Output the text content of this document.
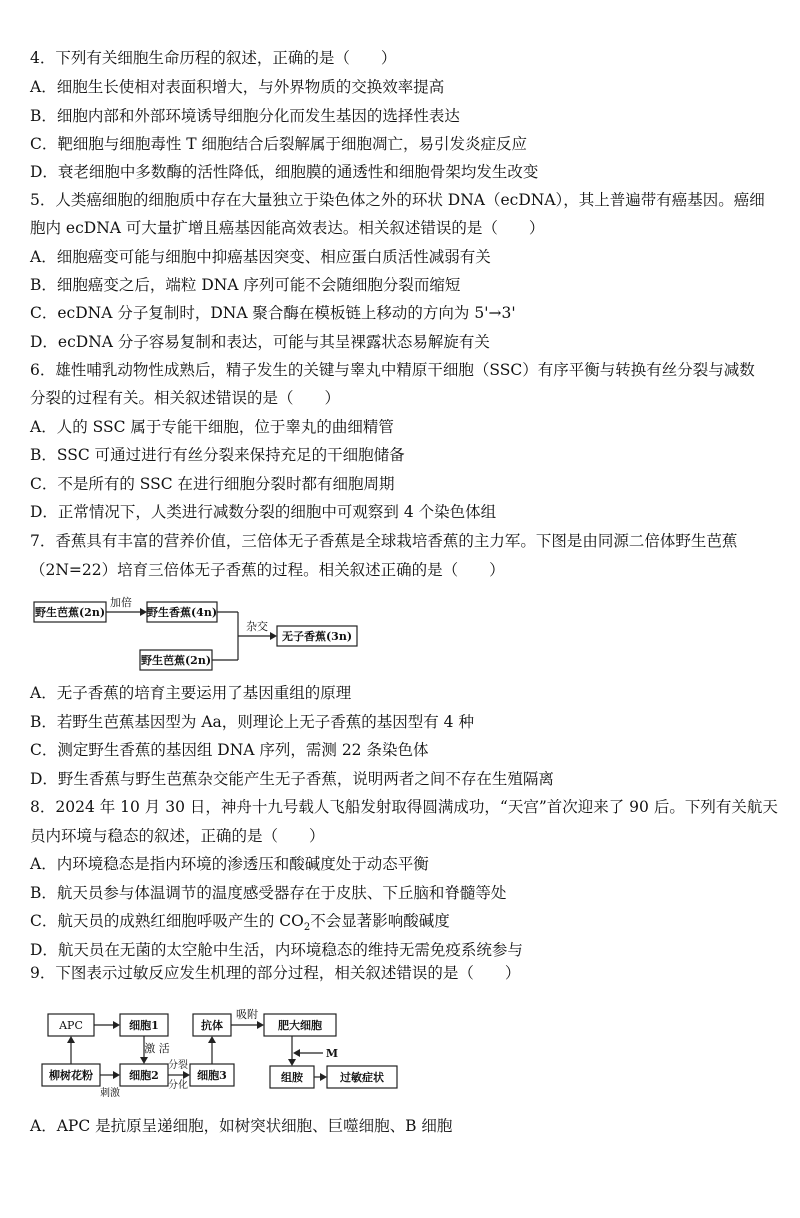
4．下列有关细胞生命历程的叙述，正确的是（　　）
A．细胞生长使相对表面积增大，与外界物质的交换效率提高
B．细胞内部和外部环境诱导细胞分化而发生基因的选择性表达
C．靶细胞与细胞毒性 T 细胞结合后裂解属于细胞凋亡，易引发炎症反应
D．衰老细胞中多数酶的活性降低，细胞膜的通透性和细胞骨架均发生改变
5．人类癌细胞的细胞质中存在大量独立于染色体之外的环状 DNA（ecDNA），其上普遍带有癌基因。癌细
胞内 ecDNA 可大量扩增且癌基因能高效表达。相关叙述错误的是（　　）
A．细胞癌变可能与细胞中抑癌基因突变、相应蛋白质活性减弱有关
B．细胞癌变之后，端粒 DNA 序列可能不会随细胞分裂而缩短
C．ecDNA 分子复制时，DNA 聚合酶在模板链上移动的方向为 5'→3'
D．ecDNA 分子容易复制和表达，可能与其呈裸露状态易解旋有关
6．雄性哺乳动物性成熟后，精子发生的关键与睾丸中精原干细胞（SSC）有序平衡与转换有丝分裂与减数
分裂的过程有关。相关叙述错误的是（　　）
A．人的 SSC 属于专能干细胞，位于睾丸的曲细精管
B．SSC 可通过进行有丝分裂来保持充足的干细胞储备
C．不是所有的 SSC 在进行细胞分裂时都有细胞周期
D．正常情况下，人类进行减数分裂的细胞中可观察到 4 个染色体组
7．香蕉具有丰富的营养价值，三倍体无子香蕉是全球栽培香蕉的主力军。下图是由同源二倍体野生芭蕉
（2N=22）培育三倍体无子香蕉的过程。相关叙述正确的是（　　）
野生芭蕉(2n)
加倍
野生香蕉(4n)
野生芭蕉(2n)
杂交
无子香蕉(3n)
A．无子香蕉的培育主要运用了基因重组的原理
B．若野生芭蕉基因型为 Aa，则理论上无子香蕉的基因型有 4 种
C．测定野生香蕉的基因组 DNA 序列，需测 22 条染色体
D．野生香蕉与野生芭蕉杂交能产生无子香蕉，说明两者之间不存在生殖隔离
8．2024 年 10 月 30 日，神舟十九号载人飞船发射取得圆满成功，“天宫”首次迎来了 90 后。下列有关航天
员内环境与稳态的叙述，正确的是（　　）
A．内环境稳态是指内环境的渗透压和酸碱度处于动态平衡
B．航天员参与体温调节的温度感受器存在于皮肤、下丘脑和脊髓等处
C．航天员的成熟红细胞呼吸产生的 $CO_2$不会显著影响酸碱度
D．航天员在无菌的太空舱中生活，内环境稳态的维持无需免疫系统参与
9．下图表示过敏反应发生机理的部分过程，相关叙述错误的是（　　）
APC	细胞1
柳树花粉
刺激
细胞2
激 活
分裂
分化
细胞3
抗体
吸附
肥大细胞
M
组胺	过敏症状
A．APC 是抗原呈递细胞，如树突状细胞、巨噬细胞、B 细胞
